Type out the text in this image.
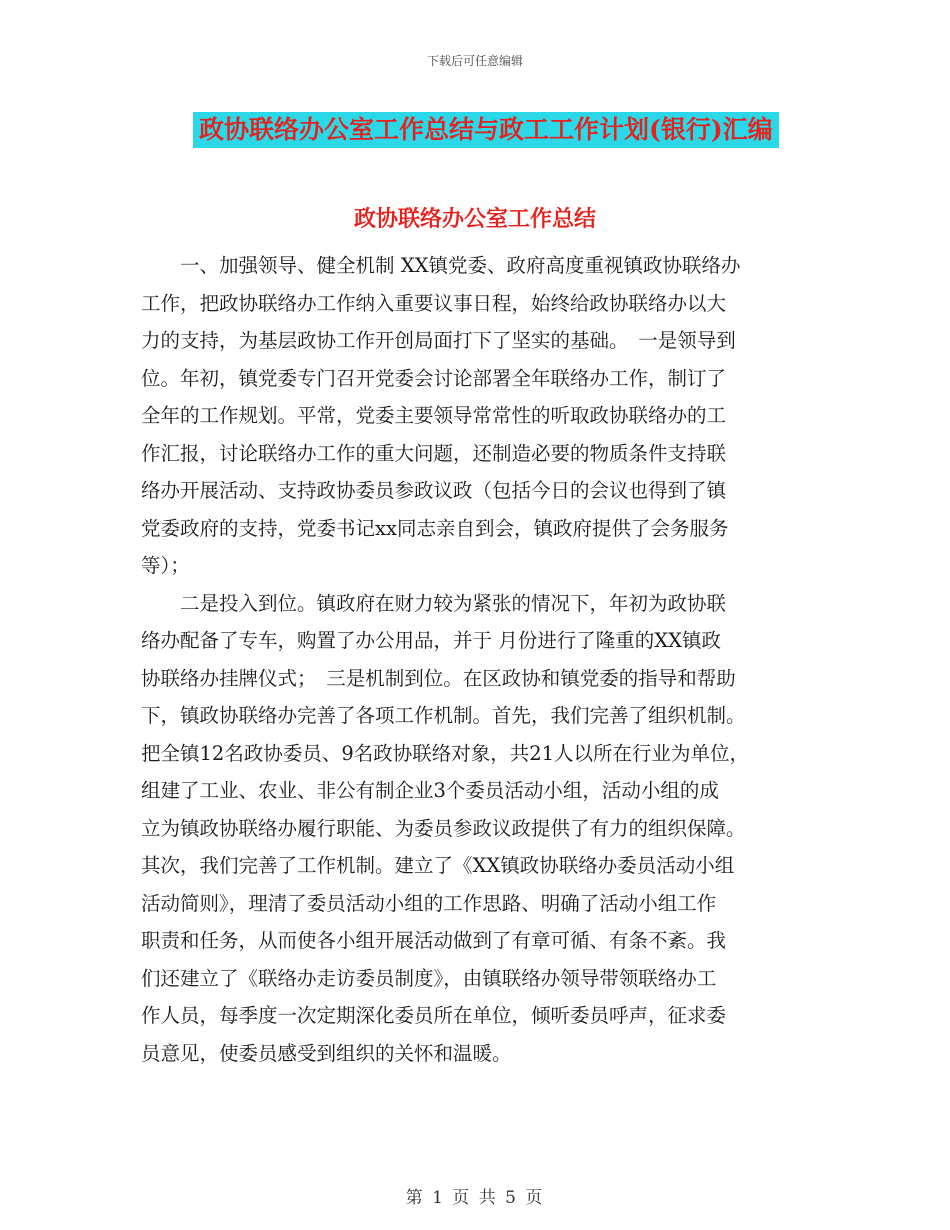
下载后可任意编辑
政协联络办公室工作总结与政工工作计划(银行)汇编
政协联络办公室工作总结
　　一、加强领导、健全机制 XX镇党委、政府高度重视镇政协联络办
工作，把政协联络办工作纳入重要议事日程，始终给政协联络办以大
力的支持，为基层政协工作开创局面打下了坚实的基础。　一是领导到
位。年初，镇党委专门召开党委会讨论部署全年联络办工作，制订了
全年的工作规划。平常，党委主要领导常常性的听取政协联络办的工
作汇报，讨论联络办工作的重大问题，还制造必要的物质条件支持联
络办开展活动、支持政协委员参政议政（包括今日的会议也得到了镇
党委政府的支持，党委书记xx同志亲自到会，镇政府提供了会务服务
等）；
　　二是投入到位。镇政府在财力较为紧张的情况下，年初为政协联
络办配备了专车，购置了办公用品，并于 月份进行了隆重的XX镇政
协联络办挂牌仪式；　三是机制到位。在区政协和镇党委的指导和帮助
下，镇政协联络办完善了各项工作机制。首先，我们完善了组织机制。
把全镇12名政协委员、9名政协联络对象，共21人以所在行业为单位，
组建了工业、农业、非公有制企业3个委员活动小组，活动小组的成
立为镇政协联络办履行职能、为委员参政议政提供了有力的组织保障。
其次，我们完善了工作机制。建立了《XX镇政协联络办委员活动小组
活动简则》，理清了委员活动小组的工作思路、明确了活动小组工作
职责和任务，从而使各小组开展活动做到了有章可循、有条不紊。我
们还建立了《联络办走访委员制度》，由镇联络办领导带领联络办工
作人员，每季度一次定期深化委员所在单位，倾听委员呼声，征求委
员意见，使委员感受到组织的关怀和温暖。
第 1 页 共 5 页
